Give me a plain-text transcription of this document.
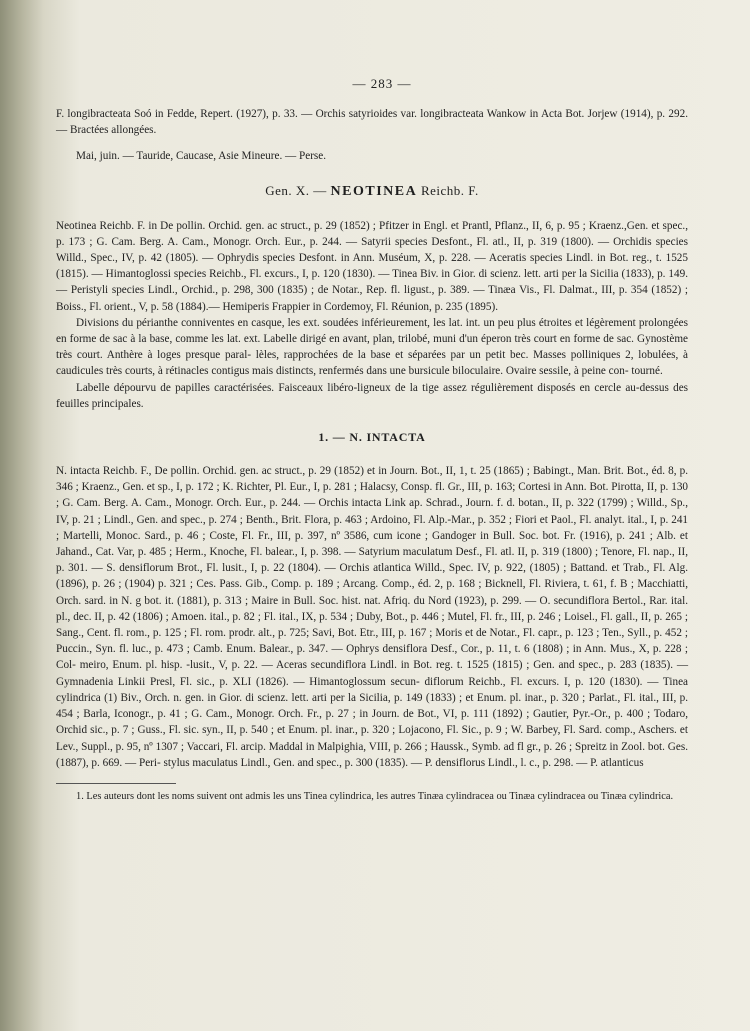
— 283 —

F. longibracteata Soó in Fedde, Repert. (1927), p. 33. — Orchis satyrioides var. longibracteata Wankow in Acta Bot. Jorjew (1914), p. 292. — Bractées allongées.

Mai, juin. — Tauride, Caucase, Asie Mineure. — Perse.

Gen. X. — NEOTINEA Reichb. F.

Neotinea Reichb. F. in De pollin. Orchid. gen. ac struct., p. 29 (1852) ; Pfitzer in Engl. et Prantl, Pflanz., II, 6, p. 95 ; Kraenz.,Gen. et spec., p. 173 ; G. Cam. Berg. A. Cam., Monogr. Orch. Eur., p. 244. — Satyrii species Desfont., Fl. atl., II, p. 319 (1800). — Orchidis species Willd., Spec., IV, p. 42 (1805). — Ophrydis species Desfont. in Ann. Muséum, X, p. 228. — Aceratis species Lindl. in Bot. reg., t. 1525 (1815). — Himantoglossi species Reichb., Fl. excurs., I, p. 120 (1830). — Tinea Biv. in Gior. di scienz. lett. arti per la Sicilia (1833), p. 149. — Peristyli species Lindl., Orchid., p. 298, 300 (1835) ; de Notar., Rep. fl. ligust., p. 389. — Tinæa Vis., Fl. Dalmat., III, p. 354 (1852) ; Boiss., Fl. orient., V, p. 58 (1884).— Hemiperis Frappier in Cordemoy, Fl. Réunion, p. 235 (1895).

Divisions du périanthe conniventes en casque, les ext. soudées inférieurement, les lat. int. un peu plus étroites et légèrement prolongées en forme de sac à la base, comme les lat. ext. Labelle dirigé en avant, plan, trilobé, muni d'un éperon très court en forme de sac. Gynostème très court. Anthère à loges presque paral- lèles, rapprochées de la base et séparées par un petit bec. Masses polliniques 2, lobulées, à caudicules très courts, à rétinacles contigus mais distincts, renfermés dans une bursicule biloculaire. Ovaire sessile, à peine con- tourné.

Labelle dépourvu de papilles caractérisées. Faisceaux libéro-ligneux de la tige assez régulièrement disposés en cercle au-dessus des feuilles principales.

1. — N. INTACTA

N. intacta Reichb. F., De pollin. Orchid. gen. ac struct., p. 29 (1852) et in Journ. Bot., II, 1, t. 25 (1865) ; Babingt., Man. Brit. Bot., éd. 8, p. 346 ; Kraenz., Gen. et sp., I, p. 172 ; K. Richter, Pl. Eur., I, p. 281 ; Halacsy, Consp. fl. Gr., III, p. 163; Cortesi in Ann. Bot. Pirotta, II, p. 130 ; G. Cam. Berg. A. Cam., Monogr. Orch. Eur., p. 244. — Orchis intacta Link ap. Schrad., Journ. f. d. botan., II, p. 322 (1799) ; Willd., Sp., IV, p. 21 ; Lindl., Gen. and spec., p. 274 ; Benth., Brit. Flora, p. 463 ; Ardoino, Fl. Alp.-Mar., p. 352 ; Fiori et Paol., Fl. analyt. ital., I, p. 241 ; Martelli, Monoc. Sard., p. 46 ; Coste, Fl. Fr., III, p. 397, nº 3586, cum icone ; Gandoger in Bull. Soc. bot. Fr. (1916), p. 241 ; Alb. et Jahand., Cat. Var, p. 485 ; Herm., Knoche, Fl. balear., I, p. 398. — Satyrium maculatum Desf., Fl. atl. II, p. 319 (1800) ; Tenore, Fl. nap., II, p. 301. — S. densiflorum Brot., Fl. lusit., I, p. 22 (1804). — Orchis atlantica Willd., Spec. IV, p. 922, (1805) ; Battand. et Trab., Fl. Alg. (1896), p. 26 ; (1904) p. 321 ; Ces. Pass. Gib., Comp. p. 189 ; Arcang. Comp., éd. 2, p. 168 ; Bicknell, Fl. Riviera, t. 61, f. B ; Macchiatti, Orch. sard. in N. g bot. it. (1881), p. 313 ; Maire in Bull. Soc. hist. nat. Afriq. du Nord (1923), p. 299. — O. secundiflora Bertol., Rar. ital. pl., dec. II, p. 42 (1806) ; Amoen. ital., p. 82 ; Fl. ital., IX, p. 534 ; Duby, Bot., p. 446 ; Mutel, Fl. fr., III, p. 246 ; Loisel., Fl. gall., II, p. 265 ; Sang., Cent. fl. rom., p. 125 ; Fl. rom. prodr. alt., p. 725; Savi, Bot. Etr., III, p. 167 ; Moris et de Notar., Fl. capr., p. 123 ; Ten., Syll., p. 452 ; Puccin., Syn. fl. luc., p. 473 ; Camb. Enum. Balear., p. 347. — Ophrys densiflora Desf., Cor., p. 11, t. 6 (1808) ; in Ann. Mus., X, p. 228 ; Col- meiro, Enum. pl. hisp. -lusit., V, p. 22. — Aceras secundiflora Lindl. in Bot. reg. t. 1525 (1815) ; Gen. and spec., p. 283 (1835). — Gymnadenia Linkii Presl, Fl. sic., p. XLI (1826). — Himantoglossum secun- diflorum Reichb., Fl. excurs. I, p. 120 (1830). — Tinea cylindrica (1) Biv., Orch. n. gen. in Gior. di scienz. lett. arti per la Sicilia, p. 149 (1833) ; et Enum. pl. inar., p. 320 ; Parlat., Fl. ital., III, p. 454 ; Barla, Iconogr., p. 41 ; G. Cam., Monogr. Orch. Fr., p. 27 ; in Journ. de Bot., VI, p. 111 (1892) ; Gautier, Pyr.-Or., p. 400 ; Todaro, Orchid sic., p. 7 ; Guss., Fl. sic. syn., II, p. 540 ; et Enum. pl. inar., p. 320 ; Lojacono, Fl. Sic., p. 9 ; W. Barbey, Fl. Sard. comp., Aschers. et Lev., Suppl., p. 95, nº 1307 ; Vaccari, Fl. arcip. Maddal in Malpighia, VIII, p. 266 ; Haussk., Symb. ad fl gr., p. 26 ; Spreitz in Zool. bot. Ges. (1887), p. 669. — Peri- stylus maculatus Lindl., Gen. and spec., p. 300 (1835). — P. densiflorus Lindl., l. c., p. 298. — P. atlanticus

1. Les auteurs dont les noms suivent ont admis les uns Tinea cylindrica, les autres Tinæa cylindracea ou Tinæa cylindracea ou Tinæa cylindrica.
